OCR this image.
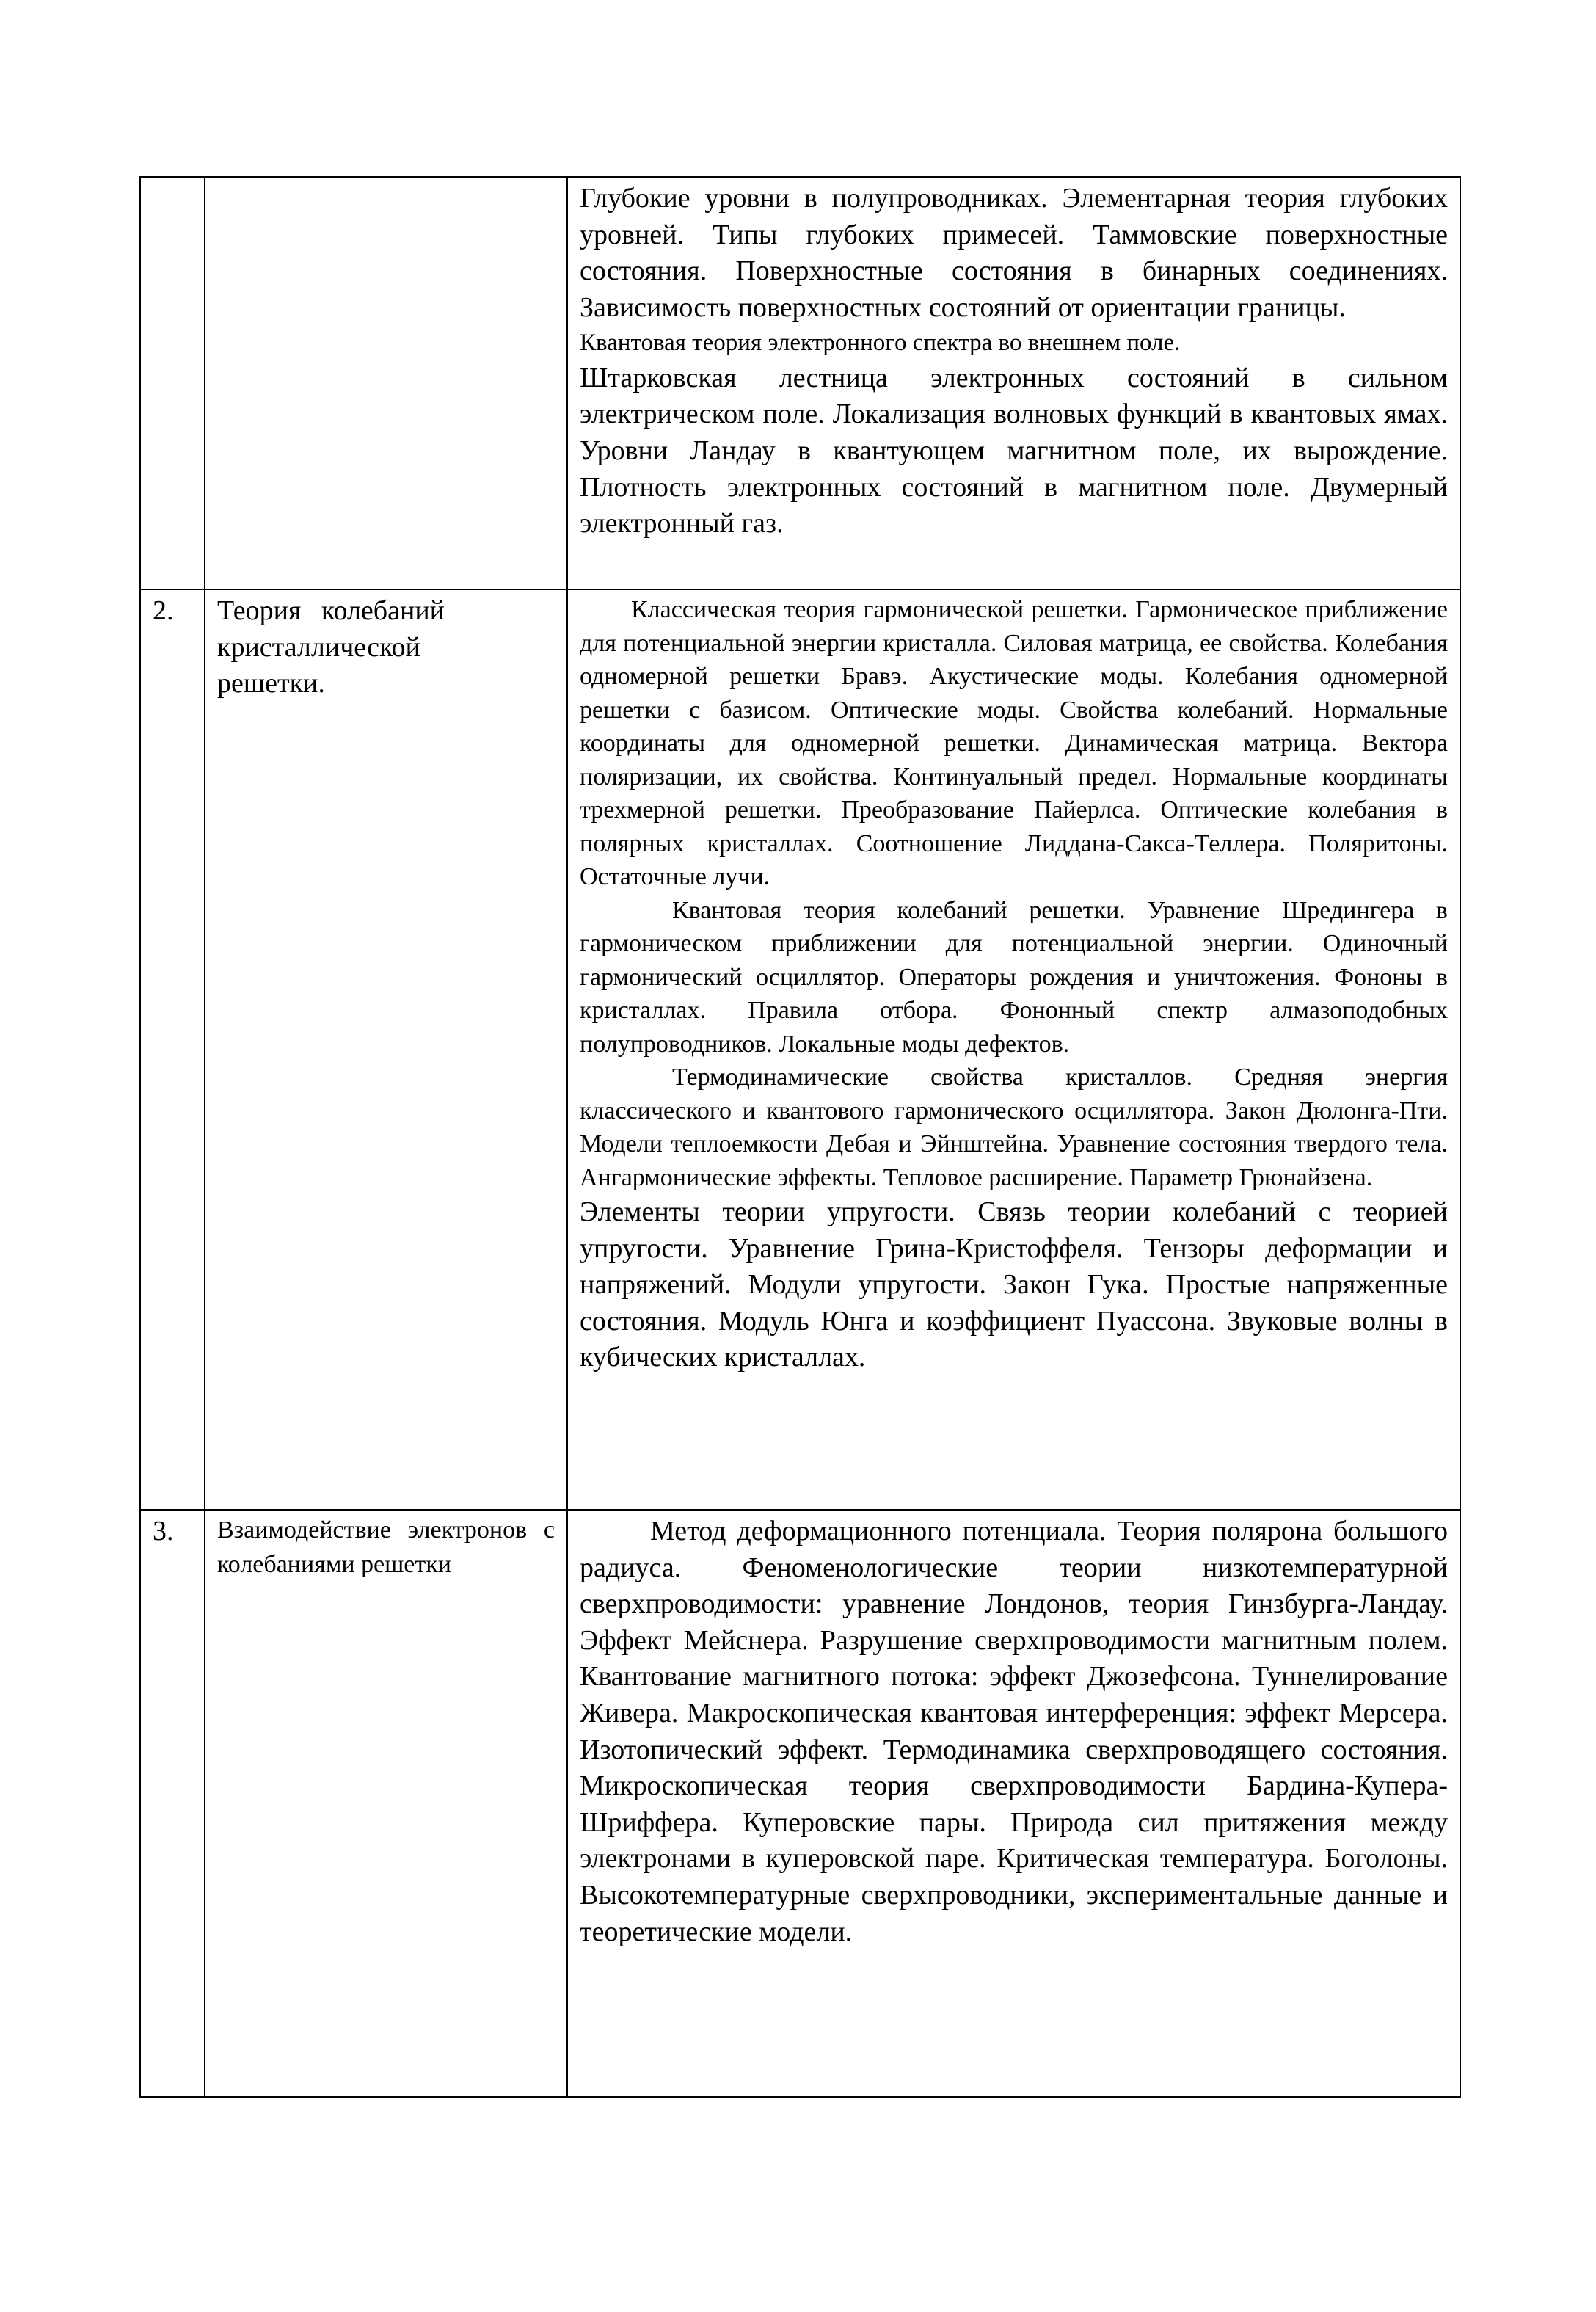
		Глубокие уровни в полупроводниках. Элементарная теория глубоких уровней. Типы глубоких примесей. Таммовские поверхностные состояния. Поверхностные состояния в бинарных соединениях. Зависимость поверхностных состояний от ориентации границы.

Квантовая теория электронного спектра во внешнем поле.

Штарковская лестница электронных состояний в сильном электрическом поле. Локализация волновых функций в квантовых ямах. Уровни Ландау в квантующем магнитном поле, их вырождение. Плотность электронных состояний в магнитном поле. Двумерный электронный газ.

2.	Теория колебаний кристаллической решетки.	Классическая теория гармонической решетки. Гармоническое приближение для потенциальной энергии кристалла. Силовая матрица, ее свойства. Колебания одномерной решетки Бравэ. Акустические моды. Колебания одномерной решетки с базисом. Оптические моды. Свойства колебаний. Нормальные координаты для одномерной решетки. Динамическая матрица. Вектора поляризации, их свойства. Континуальный предел. Нормальные координаты трехмерной решетки. Преобразование Пайерлса. Оптические колебания в полярных кристаллах. Соотношение Лиддана-Сакса-Теллера. Поляритоны. Остаточные лучи.

Квантовая теория колебаний решетки. Уравнение Шредингера в гармоническом приближении для потенциальной энергии. Одиночный гармонический осциллятор. Операторы рождения и уничтожения. Фононы в кристаллах. Правила отбора. Фононный спектр алмазоподобных полупроводников. Локальные моды дефектов.

Термодинамические свойства кристаллов. Средняя энергия классического и квантового гармонического осциллятора. Закон Дюлонга-Пти. Модели теплоемкости Дебая и Эйнштейна. Уравнение состояния твердого тела. Ангармонические эффекты. Тепловое расширение. Параметр Грюнайзена.

Элементы теории упругости. Связь теории колебаний с теорией упругости. Уравнение Грина-Кристоффеля. Тензоры деформации и напряжений. Модули упругости. Закон Гука. Простые напряженные состояния. Модуль Юнга и коэффициент Пуассона. Звуковые волны в кубических кристаллах.

3.	Взаимодействие электронов с колебаниями решетки	Метод деформационного потенциала. Теория полярона большого радиуса. Феноменологические теории низкотемпературной сверхпроводимости: уравнение Лондонов, теория Гинзбурга-Ландау. Эффект Мейснера. Разрушение сверхпроводимости магнитным полем. Квантование магнитного потока: эффект Джозефсона. Туннелирование Живера. Макроскопическая квантовая интерференция: эффект Мерсера. Изотопический эффект. Термодинамика сверхпроводящего состояния. Микроскопическая теория сверхпроводимости Бардина-Купера-Шриффера. Куперовские пары. Природа сил притяжения между электронами в куперовской паре. Критическая температура. Боголоны. Высокотемпературные сверхпроводники, экспериментальные данные и теоретические модели.
